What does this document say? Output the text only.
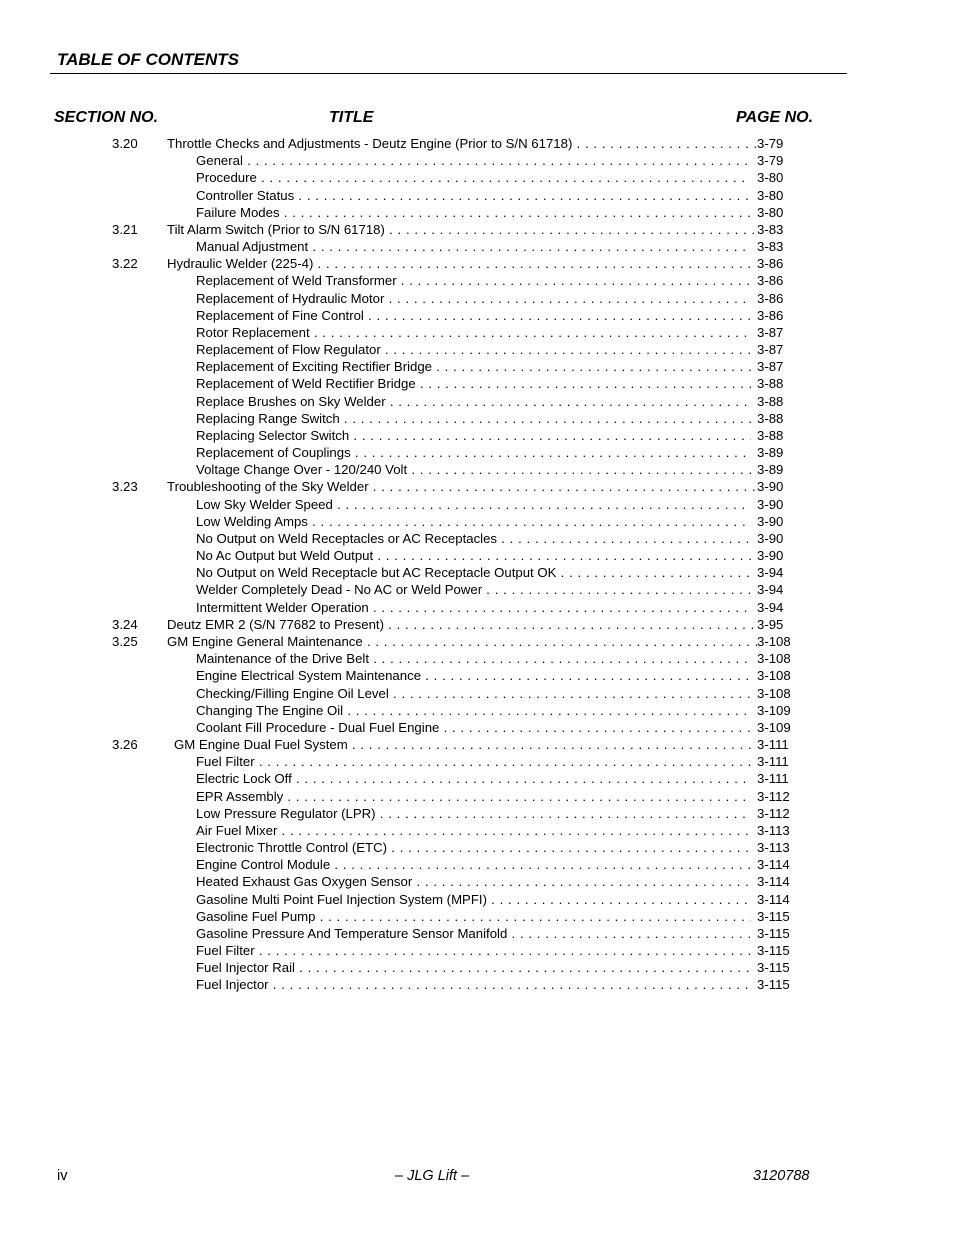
TABLE OF CONTENTS
SECTION NO.	TITLE	PAGE NO.
3.20 Throttle Checks and Adjustments - Deutz Engine (Prior to S/N 61718) . . .	3-79
General . . .	3-79
Procedure . . .	3-80
Controller Status . . .	3-80
Failure Modes . . .	3-80
3.21 Tilt Alarm Switch (Prior to S/N 61718) . . .	3-83
Manual Adjustment . . .	3-83
3.22 Hydraulic Welder (225-4) . . .	3-86
Replacement of Weld Transformer . . .	3-86
Replacement of Hydraulic Motor . . .	3-86
Replacement of Fine Control . . .	3-86
Rotor Replacement . . .	3-87
Replacement of Flow Regulator . . .	3-87
Replacement of Exciting Rectifier Bridge . . .	3-87
Replacement of Weld Rectifier Bridge . . .	3-88
Replace Brushes on Sky Welder . . .	3-88
Replacing Range Switch . . .	3-88
Replacing Selector Switch . . .	3-88
Replacement of Couplings . . .	3-89
Voltage Change Over - 120/240 Volt . . .	3-89
3.23 Troubleshooting of the Sky Welder . . .	3-90
Low Sky Welder Speed . . .	3-90
Low Welding Amps . . .	3-90
No Output on Weld Receptacles or AC Receptacles . . .	3-90
No Ac Output but Weld Output . . .	3-90
No Output on Weld Receptacle but AC Receptacle Output OK . . .	3-94
Welder Completely Dead - No AC or Weld Power . . .	3-94
Intermittent Welder Operation . . .	3-94
3.24 Deutz EMR 2 (S/N 77682 to Present) . . .	3-95
3.25 GM Engine General Maintenance . . .	3-108
Maintenance of the Drive Belt . . .	3-108
Engine Electrical System Maintenance . . .	3-108
Checking/Filling Engine Oil Level . . .	3-108
Changing The Engine Oil . . .	3-109
Coolant Fill Procedure - Dual Fuel Engine . . .	3-109
3.26	GM Engine Dual Fuel System . . .	3-111
Fuel Filter . . .	3-111
Electric Lock Off . . .	3-111
EPR Assembly . . .	3-112
Low Pressure Regulator (LPR) . . .	3-112
Air Fuel Mixer . . .	3-113
Electronic Throttle Control (ETC) . . .	3-113
Engine Control Module . . .	3-114
Heated Exhaust Gas Oxygen Sensor . . .	3-114
Gasoline Multi Point Fuel Injection System (MPFI) . . .	3-114
Gasoline Fuel Pump . . .	3-115
Gasoline Pressure And Temperature Sensor Manifold . . .	3-115
Fuel Filter . . .	3-115
Fuel Injector Rail . . .	3-115
Fuel Injector . . .	3-115
iv	– JLG Lift –	3120788
